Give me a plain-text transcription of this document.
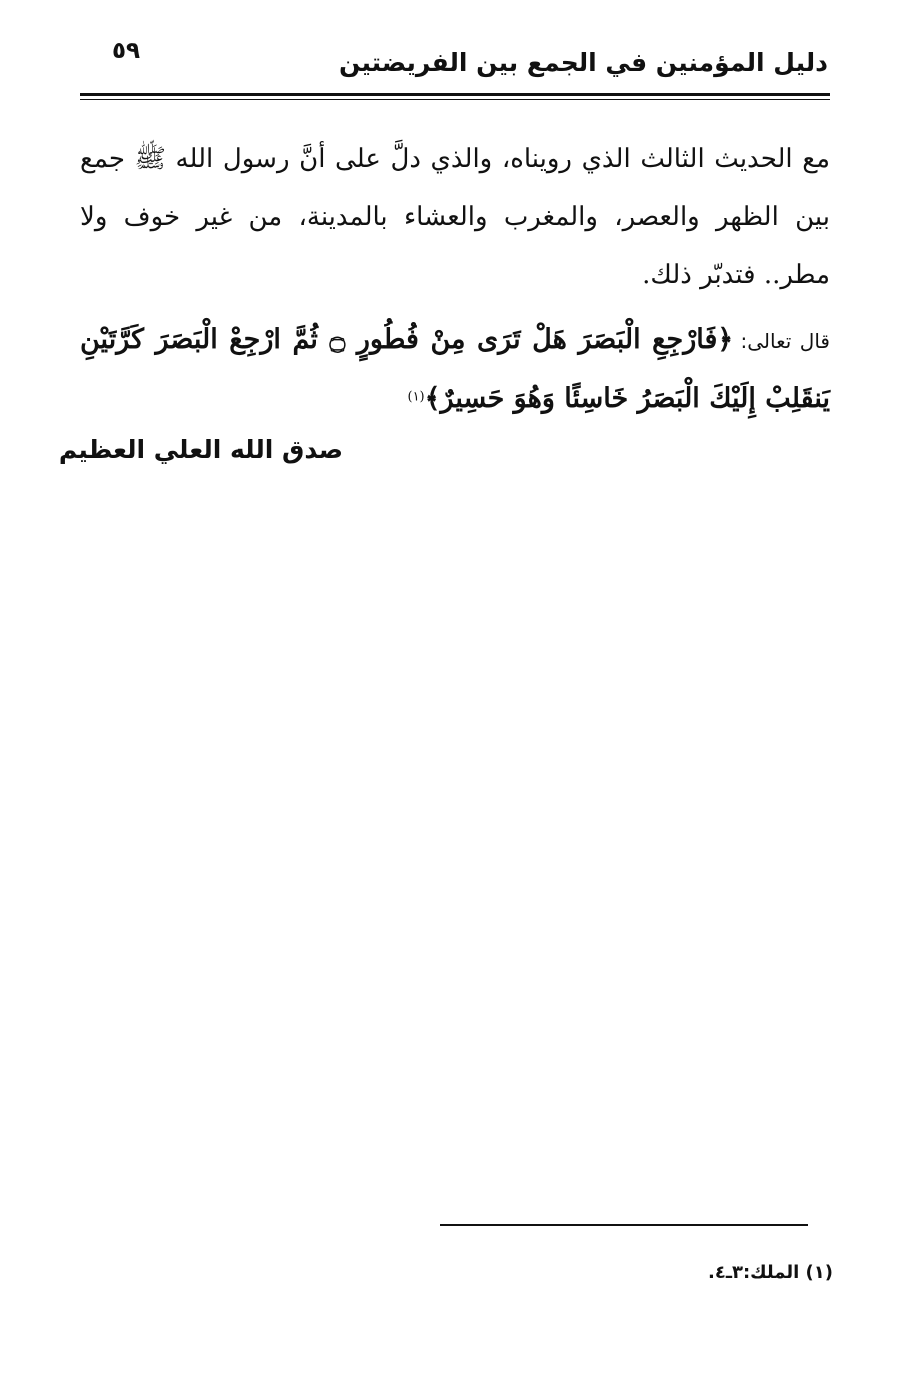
دليل المؤمنين في الجمع بين الفريضتين
٥٩

مع الحديث الثالث الذي رويناه، والذي دلَّ على أنَّ رسول الله ﷺ جمع بين الظهر والعصر، والمغرب والعشاء بالمدينة، من غير خوف ولا مطر.. فتدبّر ذلك.

قال تعالى: ﴿فَارْجِعِ الْبَصَرَ هَلْ تَرَى مِنْ فُطُورٍ ۝ ثُمَّ ارْجِعْ الْبَصَرَ كَرَّتَيْنِ يَنقَلِبْ إِلَيْكَ الْبَصَرُ خَاسِئًا وَهُوَ حَسِيرٌ﴾$^{(١)}$
صدق الله العلي العظيم
(١) الملك:٣ـ٤.
